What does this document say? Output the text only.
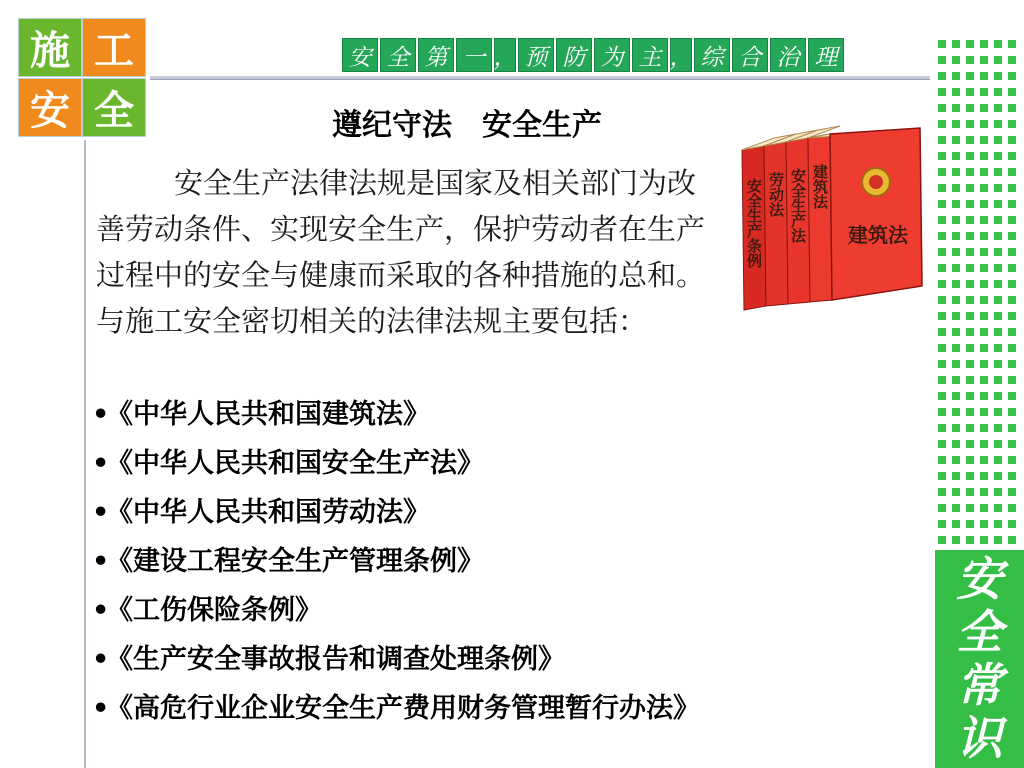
施 工
安 全
安 全 第 一 ， 预 防 为 主 ， 综 合 治 理
安
全
常
识
遵纪守法　安全生产
安全生产法律法规是国家及相关部门为改善劳动条件、实现安全生产，保护劳动者在生产过程中的安全与健康而采取的各种措施的总和。与施工安全密切相关的法律法规主要包括：
•《中华人民共和国建筑法》
•《中华人民共和国安全生产法》
•《中华人民共和国劳动法》
•《建设工程安全生产管理条例》
•《工伤保险条例》
•《生产安全事故报告和调查处理条例》
•《高危行业企业安全生产费用财务管理暂行办法》
安全生产条例 劳动法 安全生产法 建筑法
建筑法
